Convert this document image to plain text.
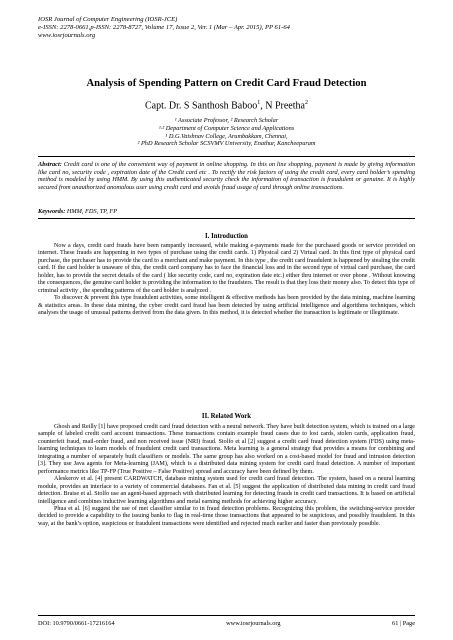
IOSR Journal of Computer Engineering (IOSR-JCE)
e-ISSN: 2278-0661,p-ISSN: 2278-8727, Volume 17, Issue 2, Ver. 1 (Mar – Apr. 2015), PP 61-64
www.iosrjournals.org
Analysis of Spending Pattern on Credit Card Fraud Detection
Capt. Dr. S Santhosh Baboo$^1$, N Preetha$^2$
¹ Associate Professor, ² Research Scholar
¹·² Department of Computer Science and Applications
¹ D.G.Vaishnav College, Arumbakkam, Chennai,
² PhD Research Scholar SCSVMV University, Enathur, Kancheepuram
Abstract: Credit card is one of the convenient way of payment in online shopping. In this on line shopping, payment is made by giving information like card no, security code , expiration date of the Credit card etc . To rectify the risk factors of using the credit card, every card holder’s spending method is modeled by using HMM. By using this authenticated security check the information of transaction is fraudulent or genuine. It is highly secured from unauthorized anomalous user using credit card and avoids fraud usage of card through online transactions.
Keywords: HMM, FDS, TP, FP
I. Introduction

Now a days, credit card frauds have been rampantly increased, while making e-payments made for the purchased goods or service provided on internet. These frauds are happening in two types of purchase using the credit cards. 1) Physical card 2) Virtual card. In this first type of physical card purchase, the purchaser has to provide the card to a merchant and make payment. In this type , the credit card fraudulent is happened by stealing the credit card. If the card holder is unaware of this, the credit card company has to face the financial loss and in the second type of virtual card purchase, the card holder, has to provide the secret details of the card ( like security code, card no, expiration date etc.) either thru internet or over phone . Without knowing the consequences, the genuine card holder is providing the information to the fraudsters. The result is that they loss their money also. To detect this type of criminal activity , the spending patterns of the card holder is analyzed .

To discover & prevent this type fraudulent activities, some intelligent & effective methods has been provided by the data mining, machine learning & statistics areas. In these data mining, the cyber credit card fraud has been detected by using artificial intelligence and algorithms techniques, which analyses the usage of unusual patterns derived from the data given. In this method, it is detected whether the transaction is legitimate or illegitimate.

II. Related Work

Ghosh and Reilly [1] have proposed credit card fraud detection with a neural network. They have built detection system, which is trained on a large sample of labeled credit card account transactions. These transactions contain example fraud cases due to lost cards, stolen cards, application fraud, counterfeit fraud, mail-order fraud, and non received issue (NRI) fraud. Stolfo et al [2] suggest a credit card fraud detection system (FDS) using meta-learning techniques to learn models of fraudulent credit card transactions. Meta learning is a general strategy that provides a means for combining and integrating a number of separately built classifiers or models. The same group has also worked on a cost-based model for fraud and intrusion detection [3]. They use Java agents for Meta-learning (JAM), which is a distributed data mining system for credit card fraud detection. A number of important performance metrics like TP-FP (True Positive – False Positive) spread and accuracy have been defined by them.

Aleskerov et al. [4] present CARDWATCH, database mining system used for credit card fraud detection. The system, based on a neural learning module, provides an interface to a variety of commercial databases. Fan et al. [5] suggest the application of distributed data mining in credit card fraud detection. Braise et al. Stolfo use an agent-based approach with distributed learning for detecting frauds in credit card transactions. It is based on artificial intelligence and combines inductive learning algorithms and metal earning methods for achieving higher accuracy.

Phua et al. [6] suggest the use of met classifier similar to in fraud detection problems. Recognizing this problem, the switching-service provider decided to provide a capability to the issuing banks to flag in real-time those transactions that appeared to be suspicious, and possibly fraudulent. In this way, at the bank’s option, suspicious or fraudulent transactions were identified and rejected much earlier and faster than previously possible.

DOI: 10.9790/0661-17216164	www.iosrjournals.org	61 | Page
